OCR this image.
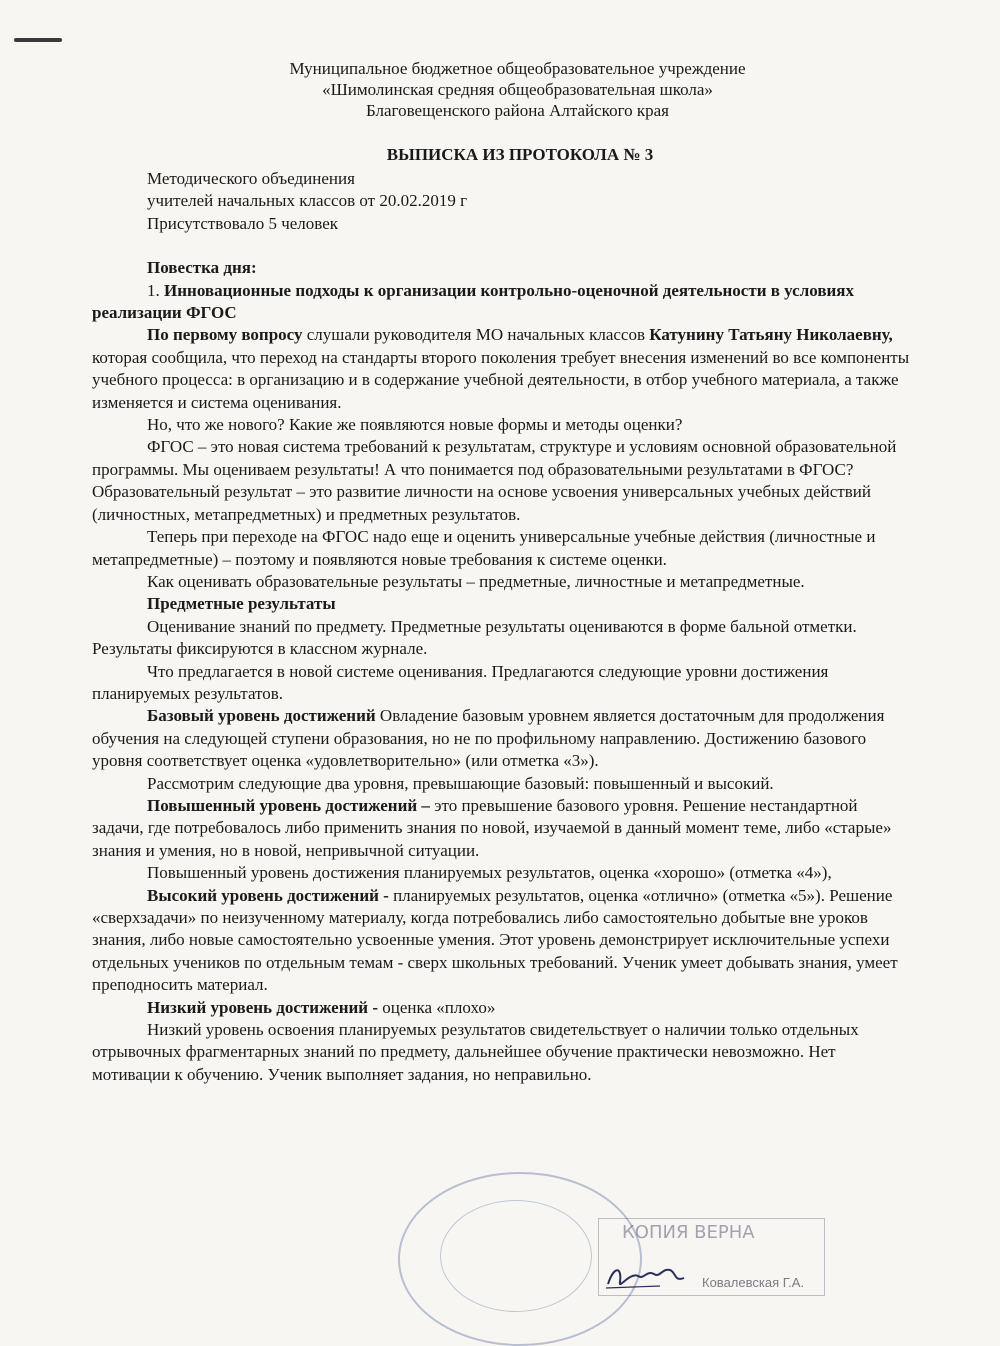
Муниципальное бюджетное общеобразовательное учреждение
«Шимолинская средняя общеобразовательная школа»
Благовещенского района Алтайского края
ВЫПИСКА ИЗ ПРОТОКОЛА № 3

Методического объединения

учителей начальных классов от 20.02.2019 г

Присутствовало 5 человек

Повестка дня:

1. Инновационные подходы к организации контрольно-оценочной деятельности в условиях реализации ФГОС

По первому вопросу слушали руководителя МО начальных классов Катунину Татьяну Николаевну, которая сообщила, что переход на стандарты второго поколения требует внесения изменений во все компоненты учебного процесса: в организацию и в содержание учебной деятельности, в отбор учебного материала, а также изменяется и система оценивания.

Но, что же нового? Какие же появляются новые формы и методы оценки?

ФГОС – это новая система требований к результатам, структуре и условиям основной образовательной программы. Мы оцениваем результаты! А что понимается под образовательными результатами в ФГОС? Образовательный результат – это развитие личности на основе усвоения универсальных учебных действий (личностных, метапредметных) и предметных результатов.

Теперь при переходе на ФГОС надо еще и оценить универсальные учебные действия (личностные и метапредметные) – поэтому и появляются новые требования к системе оценки.

Как оценивать образовательные результаты – предметные, личностные и метапредметные.

Предметные результаты

Оценивание знаний по предмету. Предметные результаты оцениваются в форме бальной отметки. Результаты фиксируются в классном журнале.

Что предлагается в новой системе оценивания. Предлагаются следующие уровни достижения планируемых результатов.

Базовый уровень достижений Овладение базовым уровнем является достаточным для продолжения обучения на следующей ступени образования, но не по профильному направлению. Достижению базового уровня соответствует оценка «удовлетворительно» (или отметка «3»).

Рассмотрим следующие два уровня, превышающие базовый: повышенный и высокий.

Повышенный уровень достижений – это превышение базового уровня. Решение нестандартной задачи, где потребовалось либо применить знания по новой, изучаемой в данный момент теме, либо «старые» знания и умения, но в новой, непривычной ситуации.

Повышенный уровень достижения планируемых результатов, оценка «хорошо» (отметка «4»),

Высокий уровень достижений - планируемых результатов, оценка «отлично» (отметка «5»). Решение «сверхзадачи» по неизученному материалу, когда потребовались либо самостоятельно добытые вне уроков знания, либо новые самостоятельно усвоенные умения. Этот уровень демонстрирует исключительные успехи отдельных учеников по отдельным темам - сверх школьных требований. Ученик умеет добывать знания, умеет преподносить материал.

Низкий уровень достижений - оценка «плохо»

Низкий уровень освоения планируемых результатов свидетельствует о наличии только отдельных отрывочных фрагментарных знаний по предмету, дальнейшее обучение практически невозможно. Нет мотивации к обучению. Ученик выполняет задания, но неправильно.

КОПИЯ ВЕРНА
Ковалевская Г.А.
